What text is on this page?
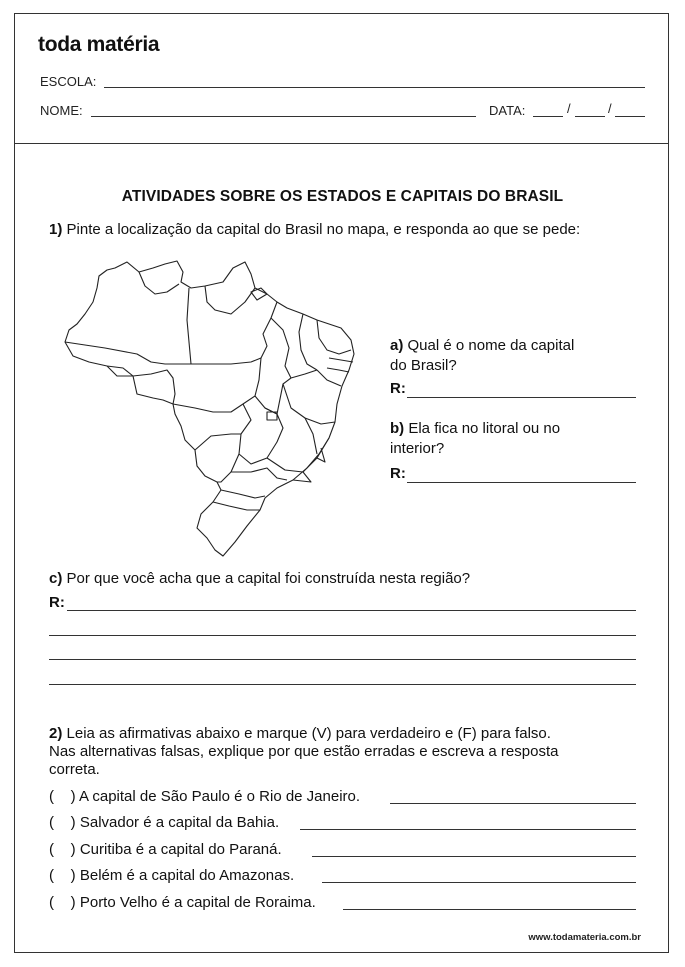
toda matéria
ESCOLA:
NOME:	DATA:	/	/
ATIVIDADES SOBRE OS ESTADOS E CAPITAIS DO BRASIL
1) Pinte a localização da capital do Brasil no mapa, e responda ao que se pede:
a) Qual é o nome da capital
do Brasil?
R:
b) Ela fica no litoral ou no
interior?
R:
c) Por que você acha que a capital foi construída nesta região?
R:
2) Leia as afirmativas abaixo e marque (V) para verdadeiro e (F) para falso.
Nas alternativas falsas, explique por que estão erradas e escreva a resposta
correta.
(    ) A capital de São Paulo é o Rio de Janeiro.
(    ) Salvador é a capital da Bahia.
(    ) Curitiba é a capital do Paraná.
(    ) Belém é a capital do Amazonas.
(    ) Porto Velho é a capital de Roraima.
www.todamateria.com.br
